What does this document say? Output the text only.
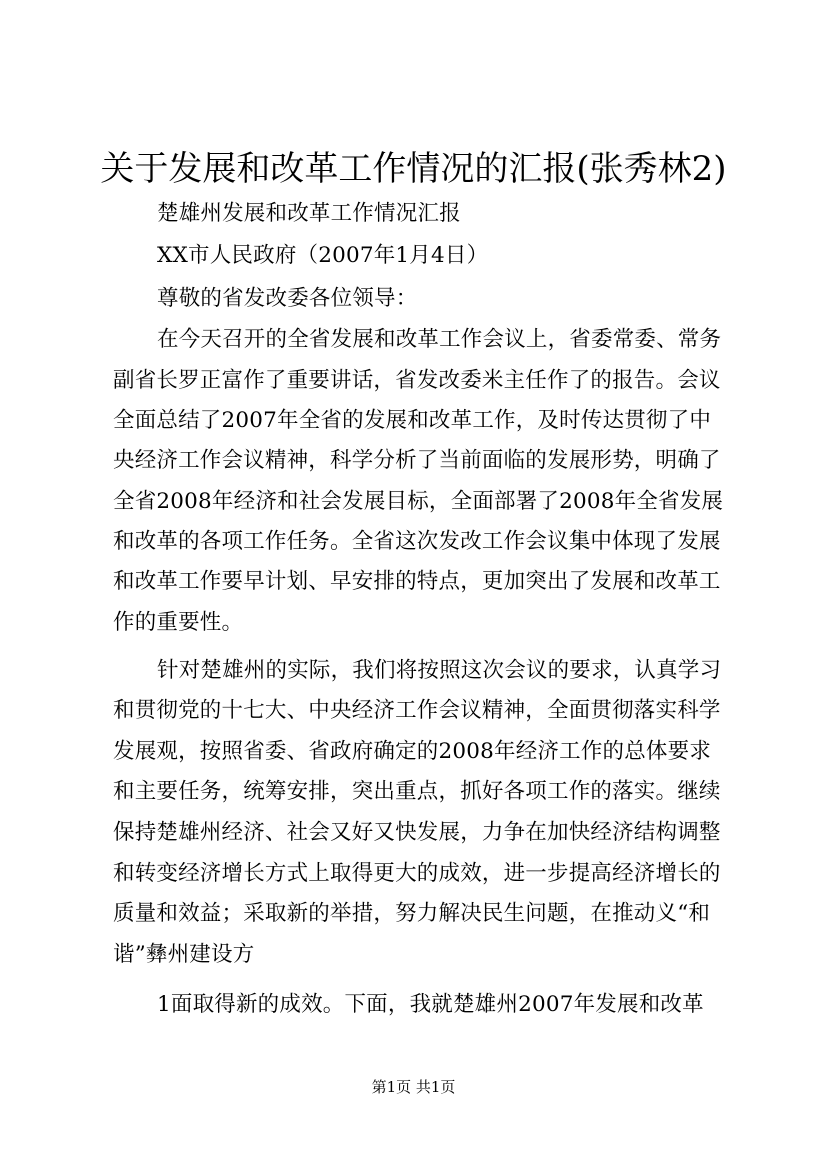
关于发展和改革工作情况的汇报(张秀林2)
楚雄州发展和改革工作情况汇报
XX市人民政府（2007年1月4日）
尊敬的省发改委各位领导：
在今天召开的全省发展和改革工作会议上，省委常委、常务
副省长罗正富作了重要讲话，省发改委米主任作了的报告。会议
全面总结了2007年全省的发展和改革工作，及时传达贯彻了中
央经济工作会议精神，科学分析了当前面临的发展形势，明确了
全省2008年经济和社会发展目标，全面部署了2008年全省发展
和改革的各项工作任务。全省这次发改工作会议集中体现了发展
和改革工作要早计划、早安排的特点，更加突出了发展和改革工
作的重要性。
针对楚雄州的实际，我们将按照这次会议的要求，认真学习
和贯彻党的十七大、中央经济工作会议精神，全面贯彻落实科学
发展观，按照省委、省政府确定的2008年经济工作的总体要求
和主要任务，统筹安排，突出重点，抓好各项工作的落实。继续
保持楚雄州经济、社会又好又快发展，力争在加快经济结构调整
和转变经济增长方式上取得更大的成效，进一步提高经济增长的
质量和效益；采取新的举措，努力解决民生问题，在推动义“和
谐”彝州建设方
1面取得新的成效。下面，我就楚雄州2007年发展和改革
第1页 共1页
